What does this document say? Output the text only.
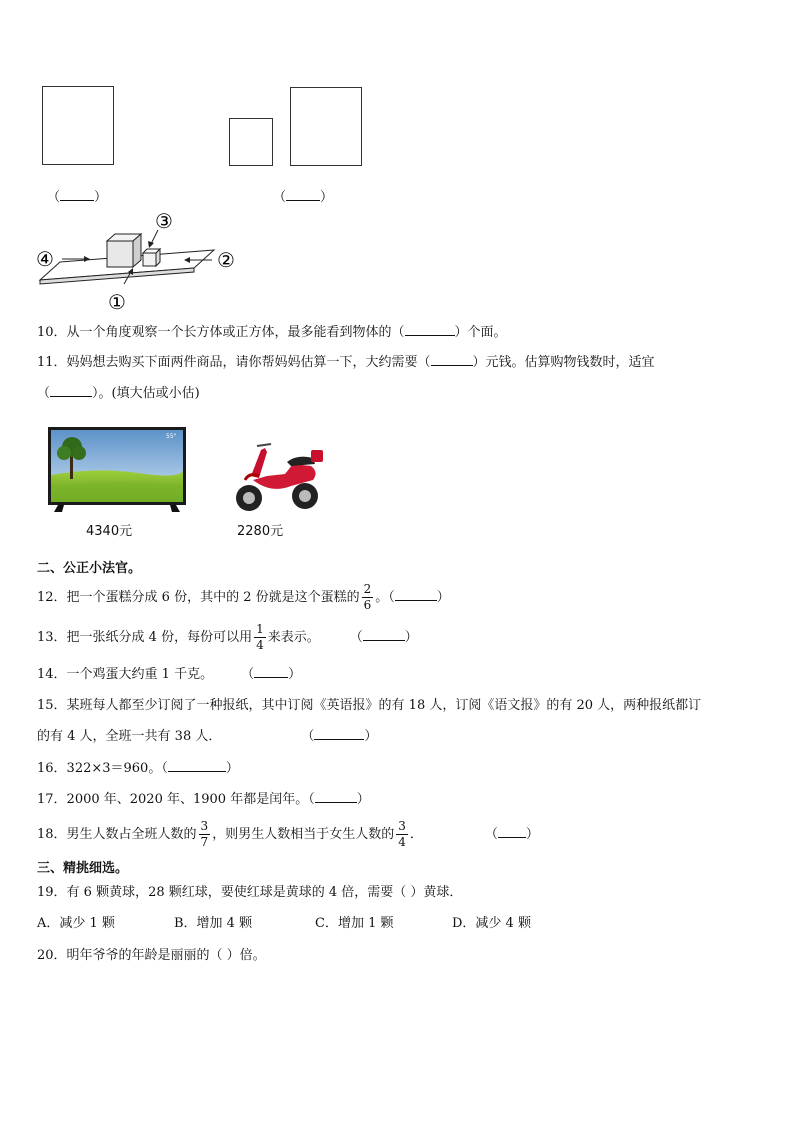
（	）	（	）
④	②
③
①
10．从一个角度观察一个长方体或正方体，最多能看到物体的（	）个面。
11．妈妈想去购买下面两件商品，请你帮妈妈估算一下，大约需要（	）元钱。估算购物钱数时，适宜
（	）。(填大估或小估)
55"
4340元	2280元
二、公正小法官。
12．把一个蛋糕分成 6 份，其中的 2 份就是这个蛋糕的 $\frac{2}{6}$ 。（	）
13．把一张纸分成 4 份，每份可以用 $\frac{1}{4}$ 来表示。 （	）
14．一个鸡蛋大约重 1 千克。 （	）
15．某班每人都至少订阅了一种报纸，其中订阅《英语报》的有 18 人，订阅《语文报》的有 20 人，两种报纸都订
的有 4 人，全班一共有 38 人．	（	）
16．322×3＝960。（	）
17．2000 年、2020 年、1900 年都是闰年。（	）
18．男生人数占全班人数的 $\frac{3}{7}$ ，则男生人数相当于女生人数的 $\frac{3}{4}$ ．	（ ）
三、精挑细选。
19．有 6 颗黄球，28 颗红球，要使红球是黄球的 4 倍，需要（ ）黄球．
A．减少 1 颗	B．增加 4 颗	C．增加 1 颗	D．减少 4 颗
20．明年爷爷的年龄是丽丽的（ ）倍。
